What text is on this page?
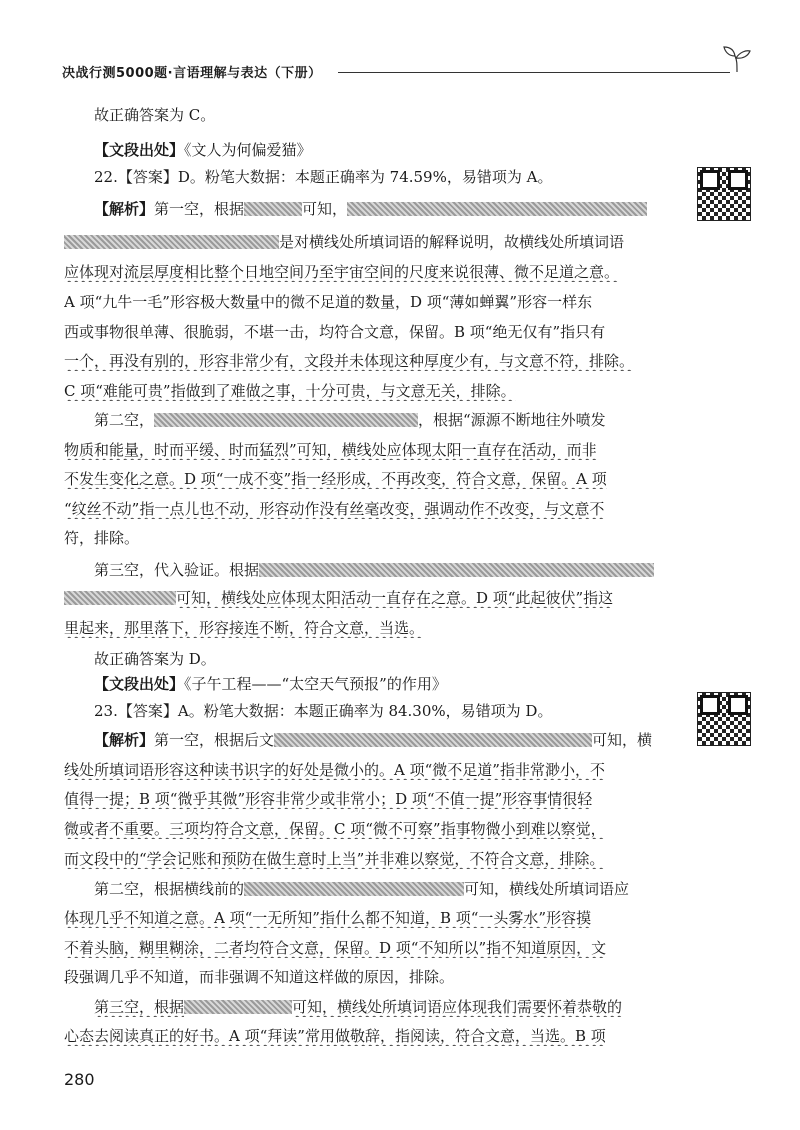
决战行测5000题·言语理解与表达（下册）
故正确答案为 C。
【文段出处】《文人为何偏爱猫》
22.【答案】D。粉笔大数据：本题正确率为 74.59%，易错项为 A。
【解析】第一空，根据	可知，
是对横线处所填词语的解释说明，故横线处所填词语
应体现对流层厚度相比整个日地空间乃至宇宙空间的尺度来说很薄、微不足道之意。
A 项“九牛一毛”形容极大数量中的微不足道的数量，D 项“薄如蝉翼”形容一样东
西或事物很单薄、很脆弱，不堪一击，均符合文意，保留。B 项“绝无仅有”指只有
一个，再没有别的，形容非常少有，文段并未体现这种厚度少有，与文意不符，排除。
C 项“难能可贵”指做到了难做之事，十分可贵，与文意无关，排除。
第二空，	，根据“源源不断地往外喷发
物质和能量，时而平缓、时而猛烈”可知，横线处应体现太阳一直存在活动，而非
不发生变化之意。D 项“一成不变”指一经形成，不再改变，符合文意，保留。A 项
“纹丝不动”指一点儿也不动，形容动作没有丝毫改变，强调动作不改变，与文意不
符，排除。
第三空，代入验证。根据
可知，横线处应体现太阳活动一直存在之意。D 项“此起彼伏”指这
里起来，那里落下，形容接连不断，符合文意，当选。
故正确答案为 D。
【文段出处】《子午工程——“太空天气预报”的作用》
23.【答案】A。粉笔大数据：本题正确率为 84.30%，易错项为 D。
【解析】第一空，根据后文	可知，横
线处所填词语形容这种读书识字的好处是微小的。A 项“微不足道”指非常渺小，不
值得一提；B 项“微乎其微”形容非常少或非常小；D 项“不值一提”形容事情很轻
微或者不重要。三项均符合文意，保留。C 项“微不可察”指事物微小到难以察觉，
而文段中的“学会记账和预防在做生意时上当”并非难以察觉，不符合文意，排除。
第二空，根据横线前的	可知，横线处所填词语应
体现几乎不知道之意。A 项“一无所知”指什么都不知道，B 项“一头雾水”形容摸
不着头脑，糊里糊涂，二者均符合文意，保留。D 项“不知所以”指不知道原因，文
段强调几乎不知道，而非强调不知道这样做的原因，排除。
第三空，根据	可知，横线处所填词语应体现我们需要怀着恭敬的
心态去阅读真正的好书。A 项“拜读”常用做敬辞，指阅读，符合文意，当选。B 项
280
